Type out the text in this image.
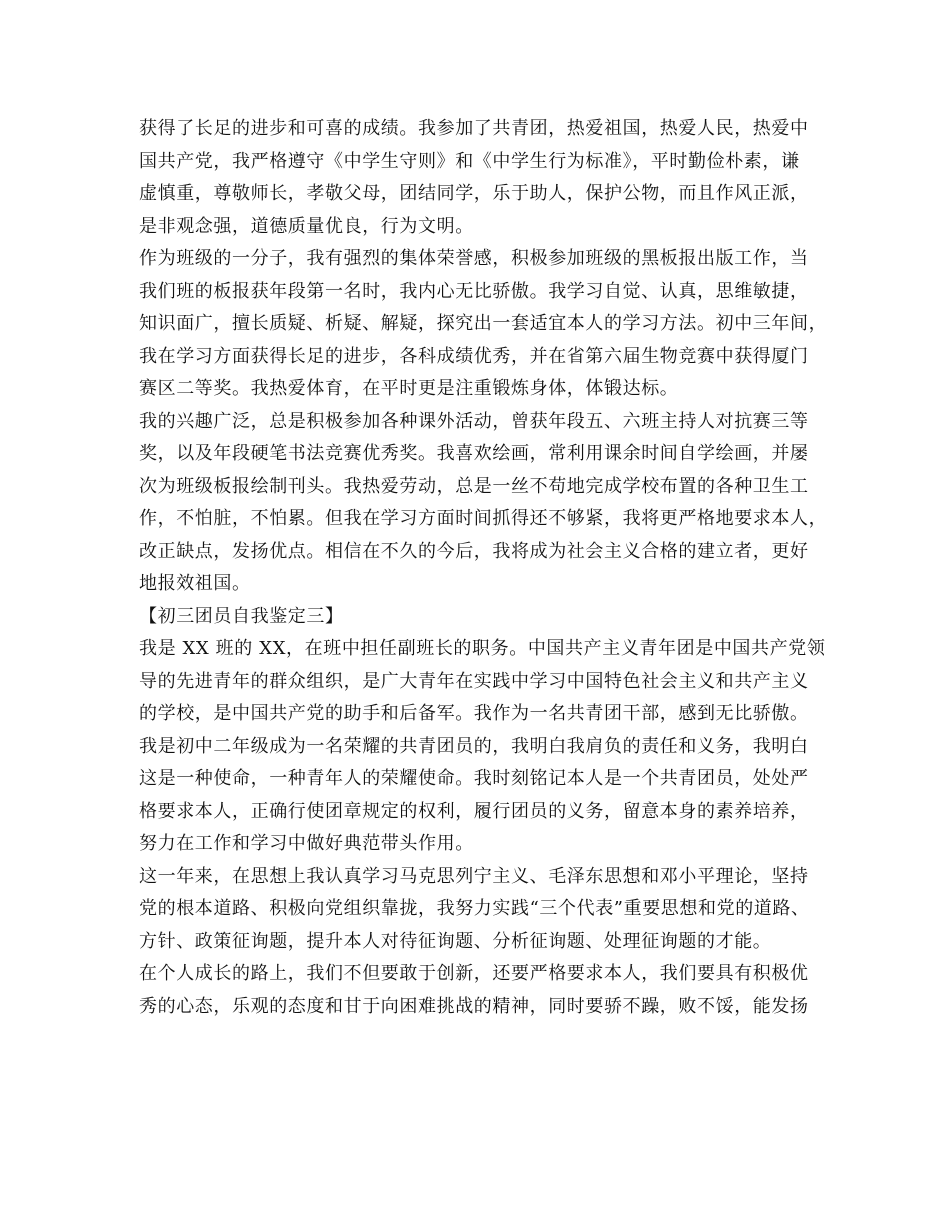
获得了长足的进步和可喜的成绩。我参加了共青团，热爱祖国，热爱人民，热爱中
国共产党，我严格遵守《中学生守则》和《中学生行为标准》，平时勤俭朴素，谦
虚慎重，尊敬师长，孝敬父母，团结同学，乐于助人，保护公物，而且作风正派，
是非观念强，道德质量优良，行为文明。
作为班级的一分子，我有强烈的集体荣誉感，积极参加班级的黑板报出版工作，当
我们班的板报获年段第一名时，我内心无比骄傲。我学习自觉、认真，思维敏捷，
知识面广，擅长质疑、析疑、解疑，探究出一套适宜本人的学习方法。初中三年间，
我在学习方面获得长足的进步，各科成绩优秀，并在省第六届生物竞赛中获得厦门
赛区二等奖。我热爱体育，在平时更是注重锻炼身体，体锻达标。
我的兴趣广泛，总是积极参加各种课外活动，曾获年段五、六班主持人对抗赛三等
奖，以及年段硬笔书法竞赛优秀奖。我喜欢绘画，常利用课余时间自学绘画，并屡
次为班级板报绘制刊头。我热爱劳动，总是一丝不苟地完成学校布置的各种卫生工
作，不怕脏，不怕累。但我在学习方面时间抓得还不够紧，我将更严格地要求本人，
改正缺点，发扬优点。相信在不久的今后，我将成为社会主义合格的建立者，更好
地报效祖国。
【初三团员自我鉴定三】
我是 XX 班的 XX，在班中担任副班长的职务。中国共产主义青年团是中国共产党领
导的先进青年的群众组织，是广大青年在实践中学习中国特色社会主义和共产主义
的学校，是中国共产党的助手和后备军。我作为一名共青团干部，感到无比骄傲。
我是初中二年级成为一名荣耀的共青团员的，我明白我肩负的责任和义务，我明白
这是一种使命，一种青年人的荣耀使命。我时刻铭记本人是一个共青团员，处处严
格要求本人，正确行使团章规定的权利，履行团员的义务，留意本身的素养培养，
努力在工作和学习中做好典范带头作用。
这一年来，在思想上我认真学习马克思列宁主义、毛泽东思想和邓小平理论，坚持
党的根本道路、积极向党组织靠拢，我努力实践“三个代表”重要思想和党的道路、
方针、政策征询题，提升本人对待征询题、分析征询题、处理征询题的才能。
在个人成长的路上，我们不但要敢于创新，还要严格要求本人，我们要具有积极优
秀的心态，乐观的态度和甘于向困难挑战的精神，同时要骄不躁，败不馁，能发扬
